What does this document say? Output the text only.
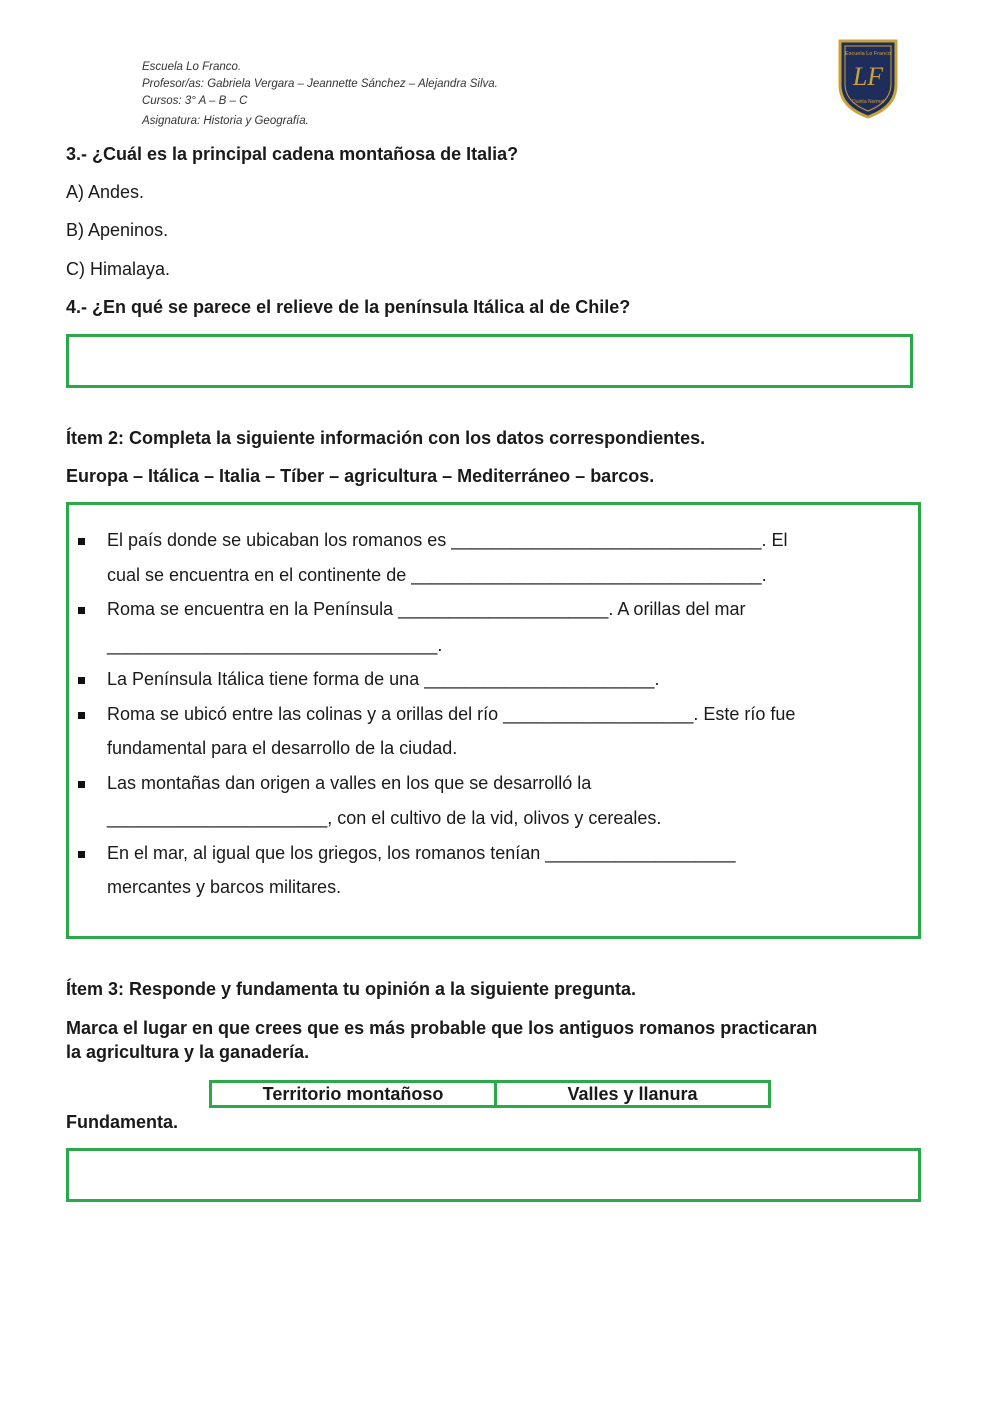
Escuela Lo Franco.
Profesor/as: Gabriela Vergara – Jeannette Sánchez – Alejandra Silva.
Cursos: 3° A – B – C
Asignatura: Historia y Geografía.
LF
Escuela Lo Franco
Quinta Normal
3.- ¿Cuál es la principal cadena montañosa de Italia?
A) Andes.
B) Apeninos.
C) Himalaya.
4.- ¿En qué se parece el relieve de la península Itálica al de Chile?
Ítem 2: Completa la siguiente información con los datos correspondientes.
Europa – Itálica – Italia – Tíber – agricultura – Mediterráneo – barcos.
El país donde se ubicaban los romanos es _______________________________. El
cual se encuentra en el continente de ___________________________________.
Roma se encuentra en la Península _____________________. A orillas del mar
_________________________________.
La Península Itálica tiene forma de una _______________________.
Roma se ubicó entre las colinas y a orillas del río ___________________. Este río fue
fundamental para el desarrollo de la ciudad.
Las montañas dan origen a valles en los que se desarrolló la
______________________, con el cultivo de la vid, olivos y cereales.
En el mar, al igual que los griegos, los romanos tenían ___________________
mercantes y barcos militares.
Ítem 3: Responde y fundamenta tu opinión a la siguiente pregunta.
Marca el lugar en que crees que es más probable que los antiguos romanos practicaran
la agricultura y la ganadería.
Territorio montañoso	Valles y llanura
Fundamenta.
